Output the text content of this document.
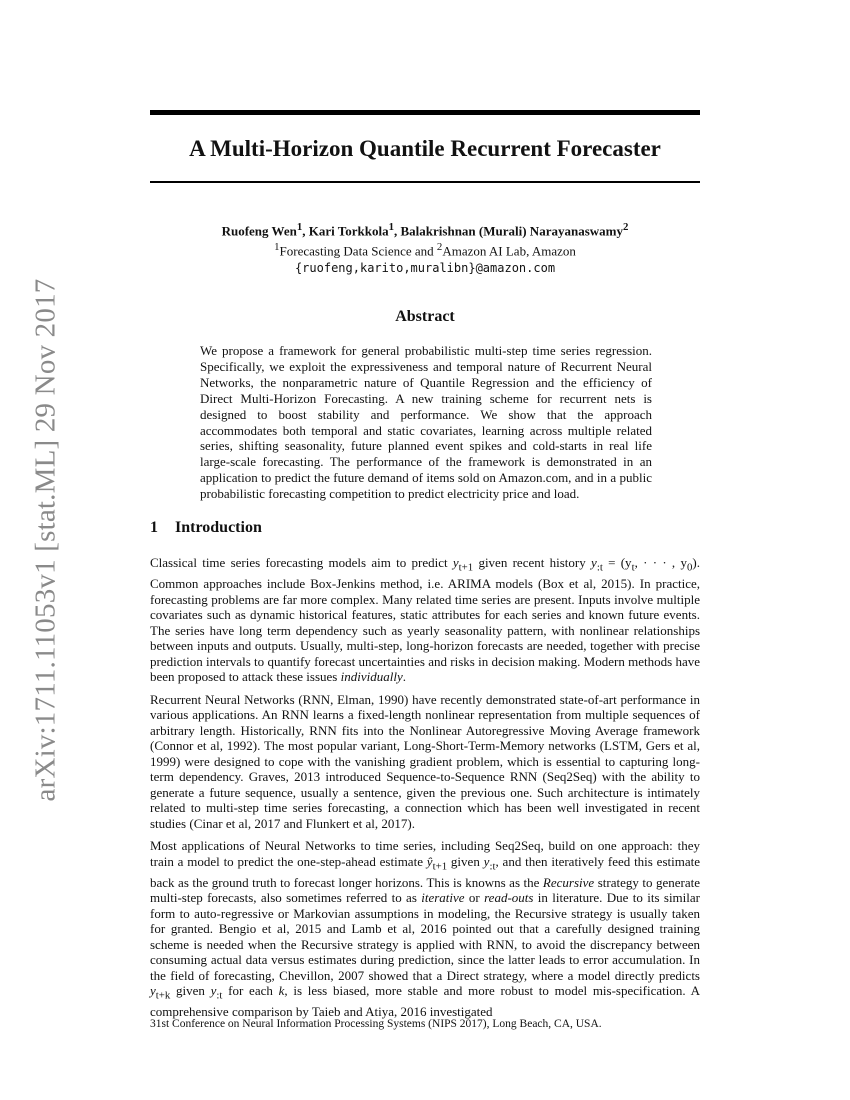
arXiv:1711.11053v1 [stat.ML] 29 Nov 2017
A Multi-Horizon Quantile Recurrent Forecaster
Ruofeng Wen$^1$, Kari Torkkola$^1$, Balakrishnan (Murali) Narayanaswamy$^2$
$^1$Forecasting Data Science and $^2$Amazon AI Lab, Amazon
{ruofeng,karito,muralibn}@amazon.com
Abstract

We propose a framework for general probabilistic multi-step time series regression. Specifically, we exploit the expressiveness and temporal nature of Recurrent Neural Networks, the nonparametric nature of Quantile Regression and the efficiency of Direct Multi-Horizon Forecasting. A new training scheme for recurrent nets is designed to boost stability and performance. We show that the approach accommodates both temporal and static covariates, learning across multiple related series, shifting seasonality, future planned event spikes and cold-starts in real life large-scale forecasting. The performance of the framework is demonstrated in an application to predict the future demand of items sold on Amazon.com, and in a public probabilistic forecasting competition to predict electricity price and load.

1 Introduction

Classical time series forecasting models aim to predict $y_{t+1}$ given recent history $y_{:t} = (y_t$, · · · , $y_0$). Common approaches include Box-Jenkins method, i.e. ARIMA models (Box et al, 2015). In practice, forecasting problems are far more complex. Many related time series are present. Inputs involve multiple covariates such as dynamic historical features, static attributes for each series and known future events. The series have long term dependency such as yearly seasonality pattern, with nonlinear relationships between inputs and outputs. Usually, multi-step, long-horizon forecasts are needed, together with precise prediction intervals to quantify forecast uncertainties and risks in decision making. Modern methods have been proposed to attack these issues individually.

Recurrent Neural Networks (RNN, Elman, 1990) have recently demonstrated state-of-art performance in various applications. An RNN learns a fixed-length nonlinear representation from multiple sequences of arbitrary length. Historically, RNN fits into the Nonlinear Autoregressive Moving Average framework (Connor et al, 1992). The most popular variant, Long-Short-Term-Memory networks (LSTM, Gers et al, 1999) were designed to cope with the vanishing gradient problem, which is essential to capturing long-term dependency. Graves, 2013 introduced Sequence-to-Sequence RNN (Seq2Seq) with the ability to generate a future sequence, usually a sentence, given the previous one. Such architecture is intimately related to multi-step time series forecasting, a connection which has been well investigated in recent studies (Cinar et al, 2017 and Flunkert et al, 2017).

Most applications of Neural Networks to time series, including Seq2Seq, build on one approach: they train a model to predict the one-step-ahead estimate $ŷ_{t+1}$ given $y_{:t}$, and then iteratively feed this estimate back as the ground truth to forecast longer horizons. This is knowns as the Recursive strategy to generate multi-step forecasts, also sometimes referred to as iterative or read-outs in literature. Due to its similar form to auto-regressive or Markovian assumptions in modeling, the Recursive strategy is usually taken for granted. Bengio et al, 2015 and Lamb et al, 2016 pointed out that a carefully designed training scheme is needed when the Recursive strategy is applied with RNN, to avoid the discrepancy between consuming actual data versus estimates during prediction, since the latter leads to error accumulation. In the field of forecasting, Chevillon, 2007 showed that a Direct strategy, where a model directly predicts $y_{t+k}$ given $y_{:t}$ for each k, is less biased, more stable and more robust to model mis-specification. A comprehensive comparison by Taieb and Atiya, 2016 investigated

31st Conference on Neural Information Processing Systems (NIPS 2017), Long Beach, CA, USA.
